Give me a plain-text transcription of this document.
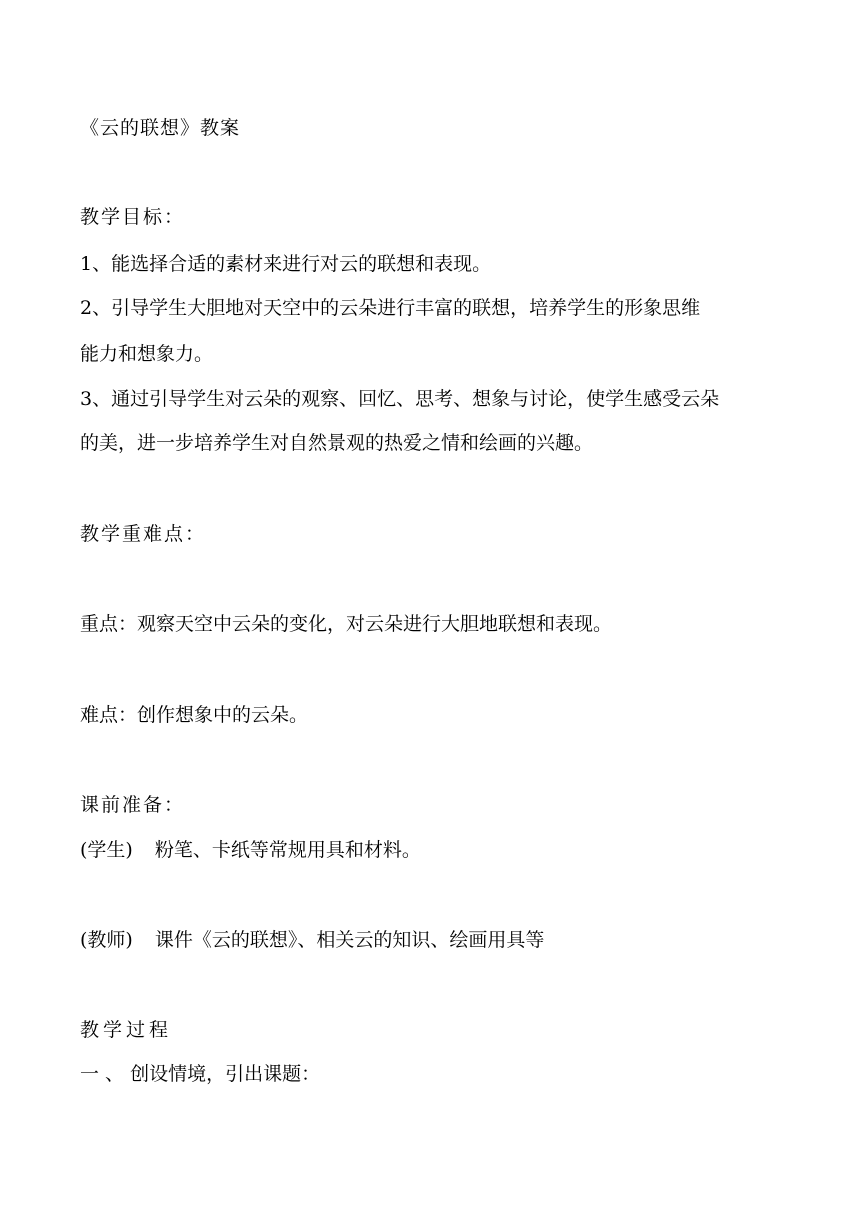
《云的联想》教案

教学目标：

1、能选择合适的素材来进行对云的联想和表现。

2、引导学生大胆地对天空中的云朵进行丰富的联想，培养学生的形象思维

能力和想象力。

3、通过引导学生对云朵的观察、回忆、思考、想象与讨论，使学生感受云朵

的美，进一步培养学生对自然景观的热爱之情和绘画的兴趣。

教学重难点：

重点：观察天空中云朵的变化，对云朵进行大胆地联想和表现。

难点：创作想象中的云朵。

课前准备：

(学生) 粉笔、卡纸等常规用具和材料。

(教师) 课件《云的联想》、相关云的知识、绘画用具等

教学过程

一 、 创设情境，引出课题：
